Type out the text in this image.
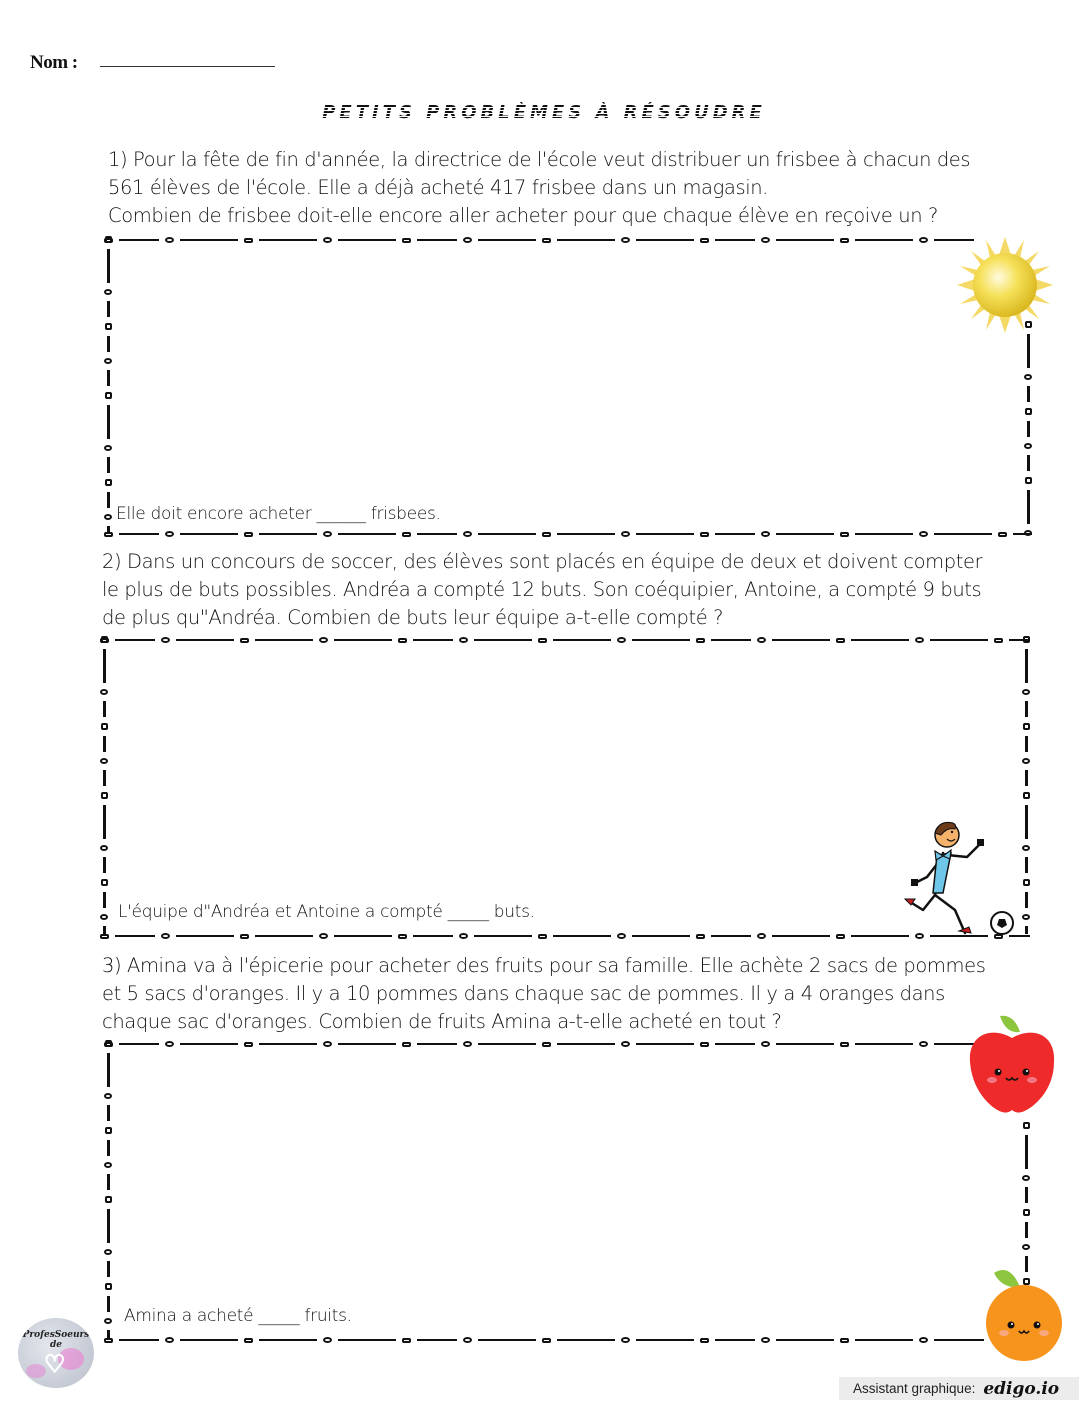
Nom :
PETITS PROBLÈMES À RÉSOUDRE
1) Pour la fête de fin d'année, la directrice de l'école veut distribuer un frisbee à chacun des
561 élèves de l'école. Elle a déjà acheté 417 frisbee dans un magasin.
Combien de frisbee doit-elle encore aller acheter pour que chaque élève en reçoive un ?
Elle doit encore acheter ______ frisbees.
2) Dans un concours de soccer, des élèves sont placés en équipe de deux et doivent compter
le plus de buts possibles. Andréa a compté 12 buts. Son coéquipier, Antoine, a compté 9 buts
de plus qu"Andréa. Combien de buts leur équipe a-t-elle compté ?
L'équipe d"Andréa et Antoine a compté _____ buts.
3) Amina va à l'épicerie pour acheter des fruits pour sa famille. Elle achète 2 sacs de pommes
et 5 sacs d'oranges. Il y a 10 pommes dans chaque sac de pommes. Il y a 4 oranges dans
chaque sac d'oranges. Combien de fruits Amina a-t-elle acheté en tout ?
Amina a acheté _____ fruits.
ProfesSoeurs
de
♡
Assistant graphique: edigo.io
